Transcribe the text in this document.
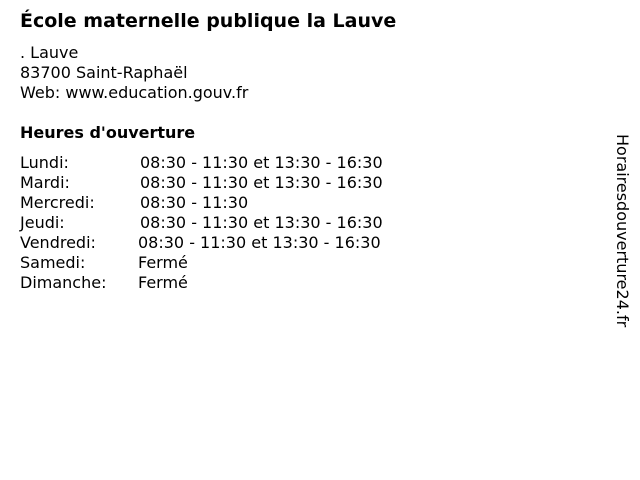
École maternelle publique la Lauve
. Lauve
83700 Saint-Raphaël
Web: www.education.gouv.fr
Heures d'ouverture
Lundi:	08:30 - 11:30 et 13:30 - 16:30
Mardi:	08:30 - 11:30 et 13:30 - 16:30
Mercredi:	08:30 - 11:30
Jeudi:	08:30 - 11:30 et 13:30 - 16:30
Vendredi:	08:30 - 11:30 et 13:30 - 16:30
Samedi:	Fermé
Dimanche: Fermé	Horairesdouverture24.fr
